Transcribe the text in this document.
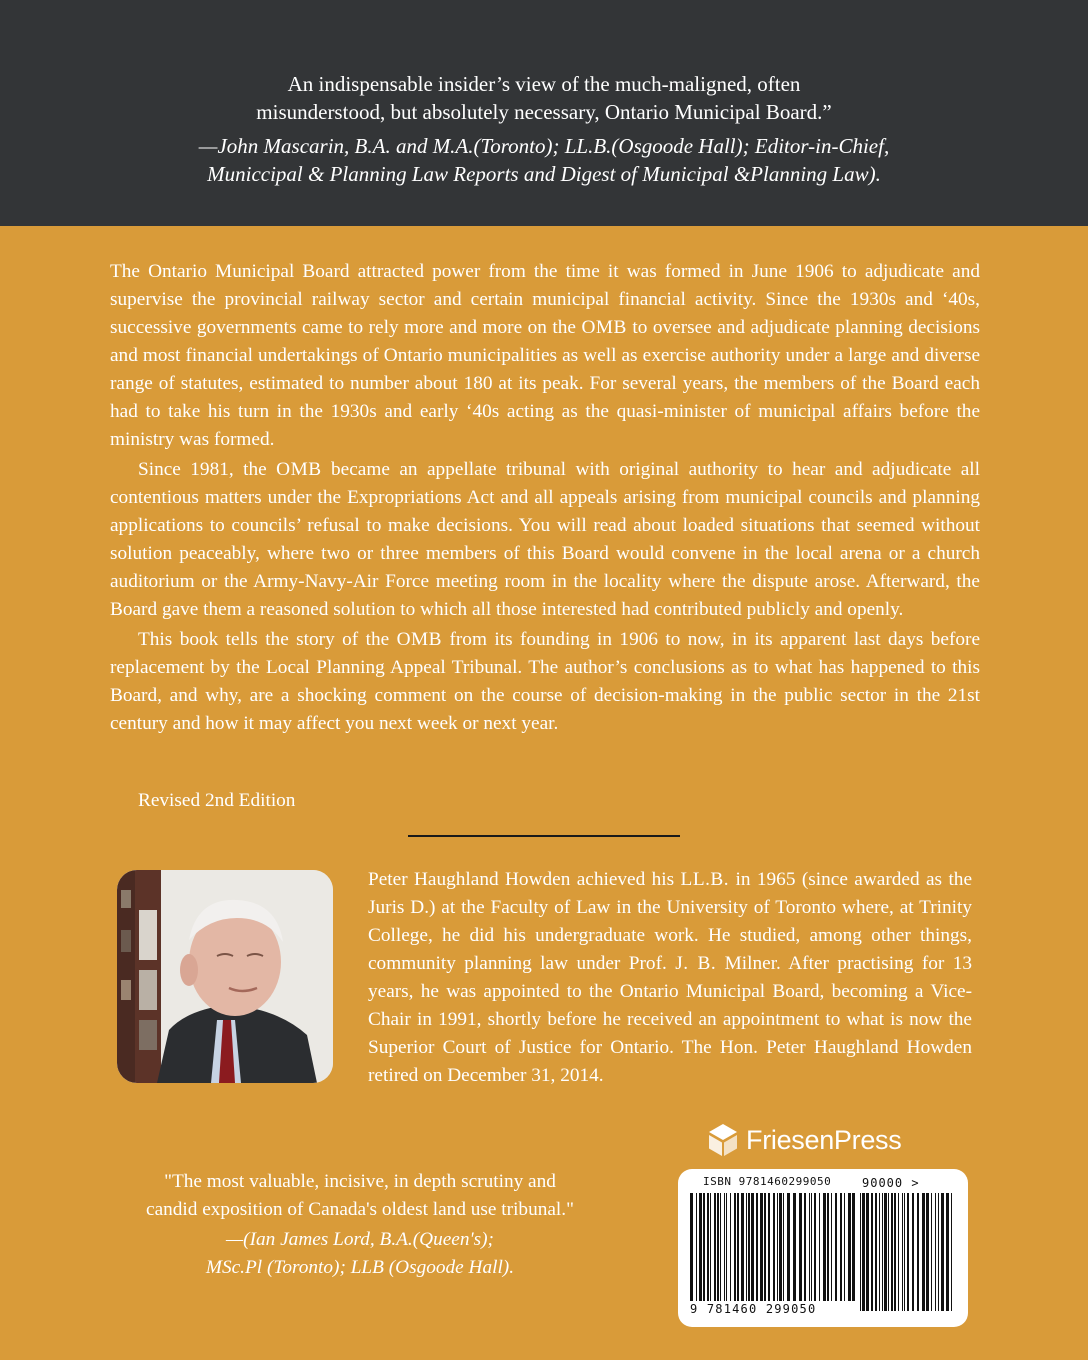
An indispensable insider’s view of the much-maligned, often
misunderstood, but absolutely necessary, Ontario Municipal Board.”
—John Mascarin, B.A. and M.A.(Toronto); LL.B.(Osgoode Hall); Editor-in-Chief,
Municcipal & Planning Law Reports and Digest of Municipal &Planning Law).

The Ontario Municipal Board attracted power from the time it was formed in June 1906 to adjudicate and supervise the provincial railway sector and certain municipal financial activity. Since the 1930s and ‘40s, successive governments came to rely more and more on the OMB to oversee and adjudicate planning decisions and most financial undertakings of Ontario municipalities as well as exercise authority under a large and diverse range of statutes, estimated to number about 180 at its peak. For several years, the members of the Board each had to take his turn in the 1930s and early ‘40s acting as the quasi-minister of municipal affairs before the ministry was formed.

Since 1981, the OMB became an appellate tribunal with original authority to hear and adjudicate all contentious matters under the Expropriations Act and all appeals arising from municipal councils and planning applications to councils’ refusal to make decisions. You will read about loaded situations that seemed without solution peaceably, where two or three members of this Board would convene in the local arena or a church auditorium or the Army-Navy-Air Force meeting room in the locality where the dispute arose. Afterward, the Board gave them a reasoned solution to which all those interested had contributed publicly and openly.

This book tells the story of the OMB from its founding in 1906 to now, in its apparent last days before replacement by the Local Planning Appeal Tribunal. The author’s conclusions as to what has happened to this Board, and why, are a shocking comment on the course of decision-making in the public sector in the 21st century and how it may affect you next week or next year.

Revised 2nd Edition
Peter Haughland Howden achieved his LL.B. in 1965 (since awarded as the Juris D.) at the Faculty of Law in the University of Toronto where, at Trinity College, he did his undergraduate work. He studied, among other things, community planning law under Prof. J. B. Milner. After practising for 13 years, he was appointed to the Ontario Municipal Board, becoming a Vice-Chair in 1991, shortly before he received an appointment to what is now the Superior Court of Justice for Ontario. The Hon. Peter Haughland Howden retired on December 31, 2014.
FriesenPress
"The most valuable, incisive, in depth scrutiny and
candid exposition of Canada's oldest land use tribunal."
—(Ian James Lord, B.A.(Queen's);
MSc.Pl (Toronto); LLB (Osgoode Hall).
ISBN 9781460299050	90000 >
9 781460 299050
